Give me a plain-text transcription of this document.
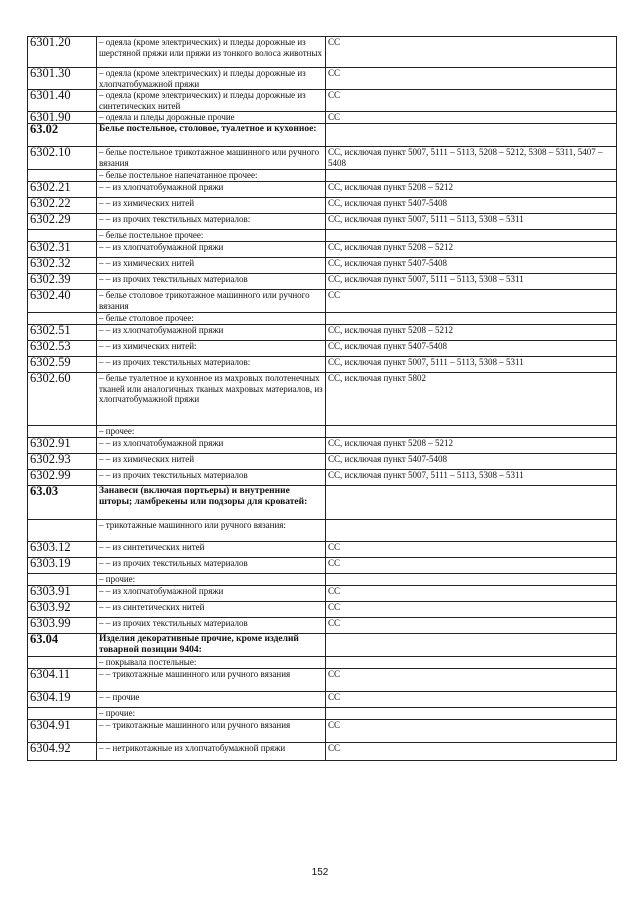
6301.20	– одеяла (кроме электрических) и пледы дорожные из шерстяной пряжи или пряжи из тонкого волоса животных	СС
6301.30	– одеяла (кроме электрических) и пледы дорожные из хлопчатобумажной пряжи	СС
6301.40	– одеяла (кроме электрических) и пледы дорожные из синтетических нитей	СС
6301.90	– одеяла и пледы дорожные прочие	СС
63.02	Белье постельное, столовое, туалетное и кухонное:	
6302.10	– белье постельное трикотажное машинного или ручного вязания	СС, исключая пункт 5007, 5111 – 5113, 5208 – 5212, 5308 – 5311, 5407 – 5408
	– белье постельное напечатанное прочее:	
6302.21	– – из хлопчатобумажной пряжи	СС, исключая пункт 5208 – 5212
6302.22	– – из химических нитей	СС, исключая пункт 5407-5408
6302.29	– – из прочих текстильных материалов:	СС, исключая пункт 5007, 5111 – 5113, 5308 – 5311
	– белье постельное прочее:	
6302.31	– – из хлопчатобумажной пряжи	СС, исключая пункт 5208 – 5212
6302.32	– – из химических нитей	СС, исключая пункт 5407-5408
6302.39	– – из прочих текстильных материалов	СС, исключая пункт 5007, 5111 – 5113, 5308 – 5311
6302.40	– белье столовое трикотажное машинного или ручного вязания	СС
	– белье столовое прочее:	
6302.51	– – из хлопчатобумажной пряжи	СС, исключая пункт 5208 – 5212
6302.53	– – из химических нитей:	СС, исключая пункт 5407-5408
6302.59	– – из прочих текстильных материалов:	СС, исключая пункт 5007, 5111 – 5113, 5308 – 5311
6302.60	– белье туалетное и кухонное из махровых полотенечных тканей или аналогичных тканых махровых материалов, из хлопчатобумажной пряжи	СС, исключая пункт 5802
	– прочее:	
6302.91	– – из хлопчатобумажной пряжи	СС, исключая пункт 5208 – 5212
6302.93	– – из химических нитей	СС, исключая пункт 5407-5408
6302.99	– – из прочих текстильных материалов	СС, исключая пункт 5007, 5111 – 5113, 5308 – 5311
63.03	Занавеси (включая портьеры) и внутренние шторы; ламбрекены или подзоры для кроватей:	
	– трикотажные машинного или ручного вязания:	
6303.12	– – из синтетических нитей	СС
6303.19	– – из прочих текстильных материалов	СС
	– прочие:	
6303.91	– – из хлопчатобумажной пряжи	СС
6303.92	– – из синтетических нитей	СС
6303.99	– – из прочих текстильных материалов	СС
63.04	Изделия декоративные прочие, кроме изделий товарной позиции 9404:	
	– покрывала постельные:	
6304.11	– – трикотажные машинного или ручного вязания	СС
6304.19	– – прочие	СС
	– прочие:	
6304.91	– – трикотажные машинного или ручного вязания	СС
6304.92	– – нетрикотажные из хлопчатобумажной пряжи	СС
152
